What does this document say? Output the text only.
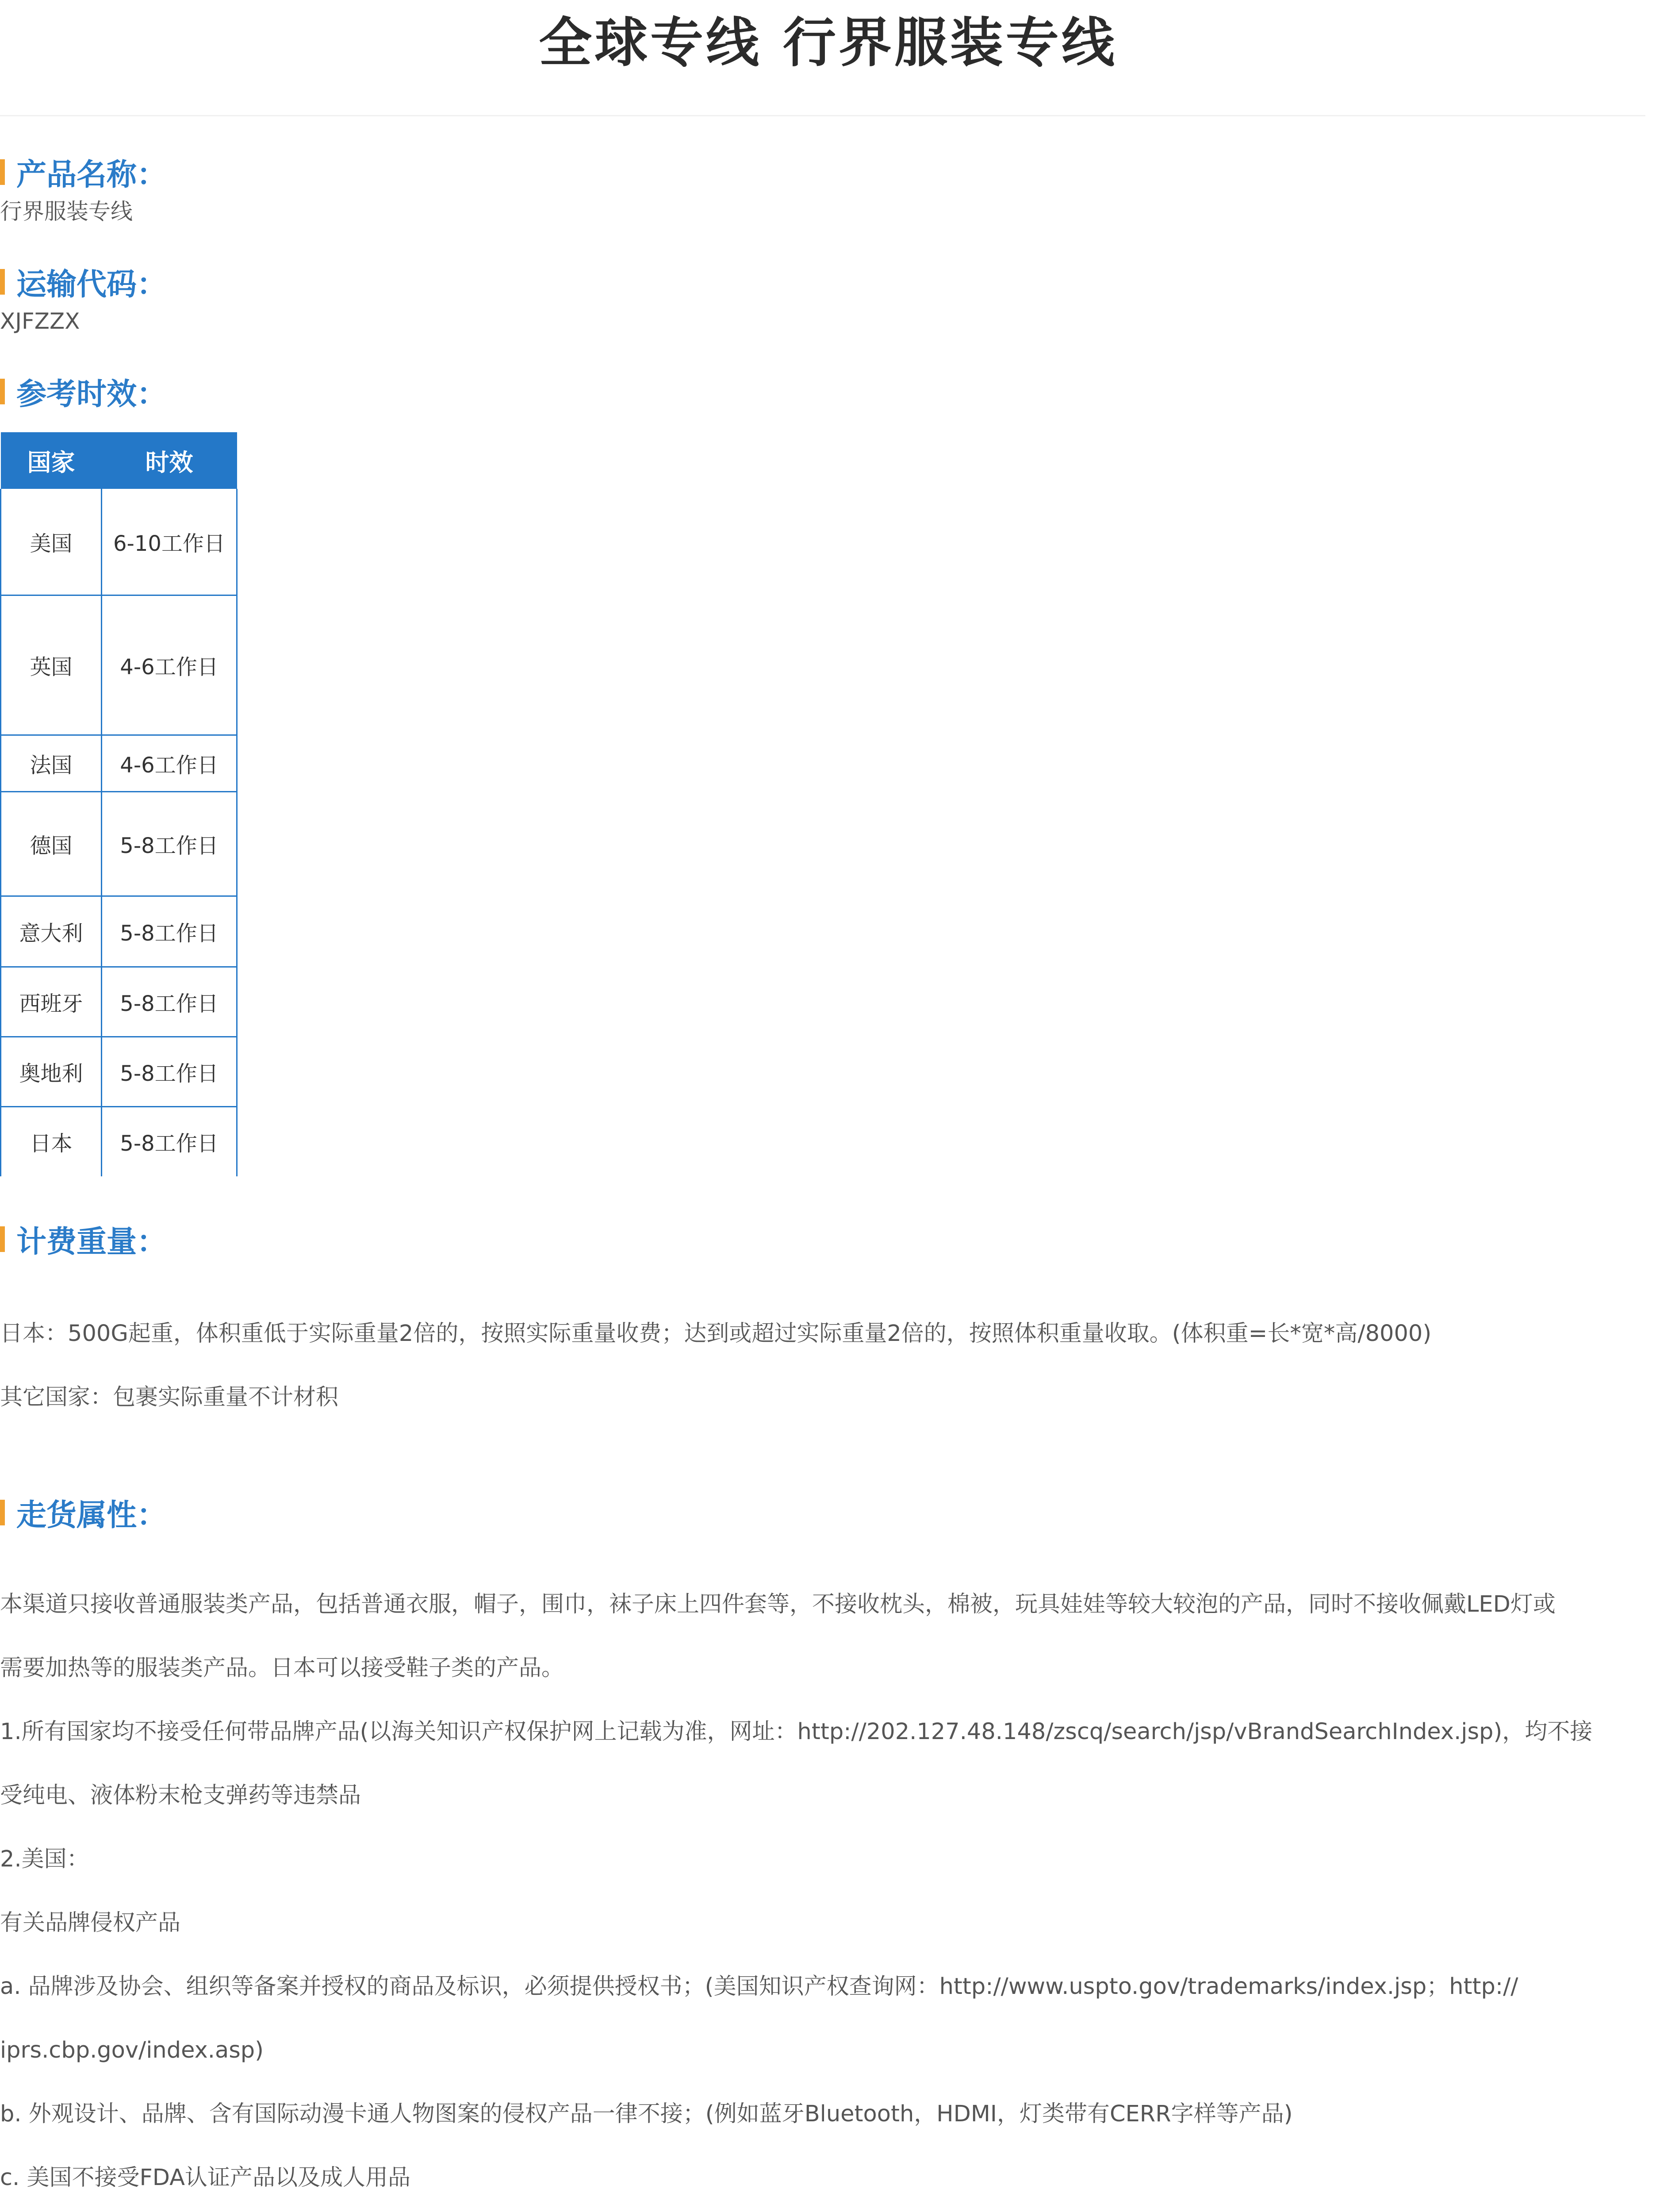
全球专线 行界服装专线
产品名称：

行界服装专线

运输代码：

XJFZZX

参考时效：
国家	时效
美国	6-10工作日
英国	4-6工作日
法国	4-6工作日
德国	5-8工作日
意大利	5-8工作日
西班牙	5-8工作日
奥地利	5-8工作日
日本	5-8工作日
计费重量：

日本：500G起重，体积重低于实际重量2倍的，按照实际重量收费；达到或超过实际重量2倍的，按照体积重量收取。(体积重=长*宽*高/8000)

其它国家：包裹实际重量不计材积

走货属性：

本渠道只接收普通服装类产品，包括普通衣服，帽子，围巾，袜子床上四件套等，不接收枕头，棉被，玩具娃娃等较大较泡的产品，同时不接收佩戴LED灯或

需要加热等的服装类产品。日本可以接受鞋子类的产品。

1.所有国家均不接受任何带品牌产品(以海关知识产权保护网上记载为准，网址：http://202.127.48.148/zscq/search/jsp/vBrandSearchIndex.jsp)，均不接

受纯电、液体粉末枪支弹药等违禁品

2.美国：

有关品牌侵权产品

a. 品牌涉及协会、组织等备案并授权的商品及标识，必须提供授权书；(美国知识产权查询网：http://www.uspto.gov/trademarks/index.jsp；http://

iprs.cbp.gov/index.asp)

b. 外观设计、品牌、含有国际动漫卡通人物图案的侵权产品一律不接；(例如蓝牙Bluetooth，HDMI，灯类带有CERR字样等产品)

c. 美国不接受FDA认证产品以及成人用品
